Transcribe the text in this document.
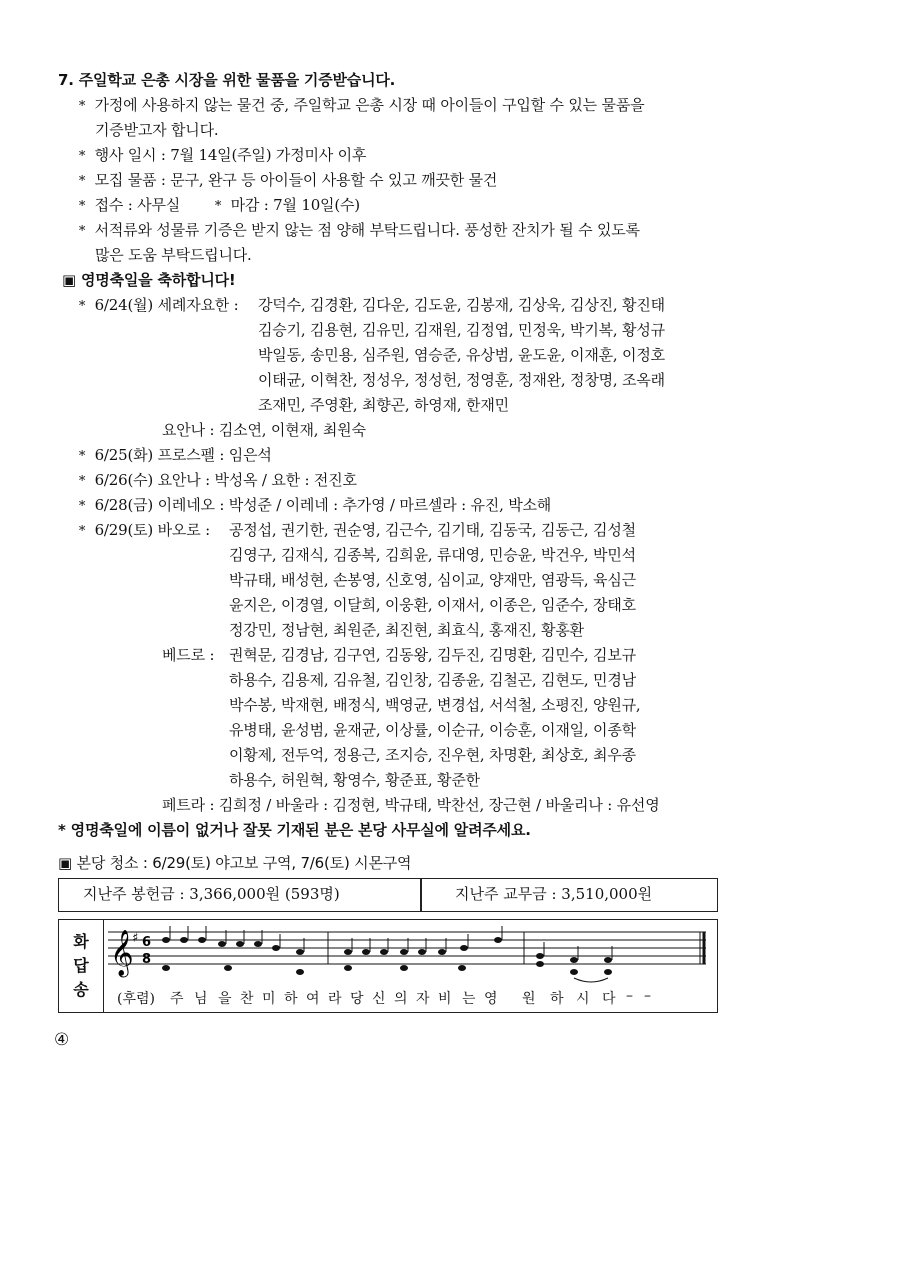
7. 주일학교 은총 시장을 위한 물품을 기증받습니다.
* 가정에 사용하지 않는 물건 중, 주일학교 은총 시장 때 아이들이 구입할 수 있는 물품을
기증받고자 합니다.
* 행사 일시 : 7월 14일(주일) 가정미사 이후
* 모집 물품 : 문구, 완구 등 아이들이 사용할 수 있고 깨끗한 물건
* 접수 : 사무실	* 마감 : 7월 10일(수)
* 서적류와 성물류 기증은 받지 않는 점 양해 부탁드립니다. 풍성한 잔치가 될 수 있도록
많은 도움 부탁드립니다.
▣ 영명축일을 축하합니다!
* 6/24(월) 세례자요한 : 강덕수, 김경환, 김다운, 김도윤, 김봉재, 김상욱, 김상진, 황진태
김승기, 김용현, 김유민, 김재원, 김정엽, 민정욱, 박기복, 황성규
박일동, 송민용, 심주원, 염승준, 유상범, 윤도윤, 이재훈, 이정호
이태균, 이혁찬, 정성우, 정성헌, 정영훈, 정재완, 정창명, 조옥래
조재민, 주영환, 최향곤, 하영재, 한재민
요안나 : 김소연, 이현재, 최원숙
* 6/25(화) 프로스펠 : 임은석
* 6/26(수) 요안나 : 박성옥 / 요한 : 전진호
* 6/28(금) 이레네오 : 박성준 / 이레네 : 추가영 / 마르셀라 : 유진, 박소해
* 6/29(토) 바오로 : 공정섭, 권기한, 권순영, 김근수, 김기태, 김동국, 김동근, 김성철
김영구, 김재식, 김종복, 김희윤, 류대영, 민승윤, 박건우, 박민석
박규태, 배성현, 손봉영, 신호영, 심이교, 양재만, 염광득, 육심근
윤지은, 이경열, 이달희, 이웅환, 이재서, 이종은, 임준수, 장태호
정강민, 정남현, 최원준, 최진현, 최효식, 홍재진, 황홍환
베드로 : 권혁문, 김경남, 김구연, 김동왕, 김두진, 김명환, 김민수, 김보규
하용수, 김용제, 김유철, 김인창, 김종윤, 김철곤, 김현도, 민경남
박수봉, 박재현, 배정식, 백영균, 변경섭, 서석철, 소평진, 양원규,
유병태, 윤성범, 윤재균, 이상률, 이순규, 이승훈, 이재일, 이종학
이황제, 전두억, 정용근, 조지승, 진우현, 차명환, 최상호, 최우종
하용수, 허원혁, 황영수, 황준표, 황준한
페트라 : 김희정 / 바울라 : 김정현, 박규태, 박찬선, 장근현 / 바울리나 : 유선영
* 영명축일에 이름이 없거나 잘못 기재된 분은 본당 사무실에 알려주세요.
▣ 본당 청소 : 6/29(토) 야고보 구역, 7/6(토) 시몬구역
지난주 봉헌금 : 3,366,000원 (593명)	지난주 교무금 : 3,510,000원
화
답
송
𝄞
♯ 6
8
(후렴) 주 님 을 찬 미 하 여 라 당 신 의 자 비 는 영 원 하 시 다 – –
④
